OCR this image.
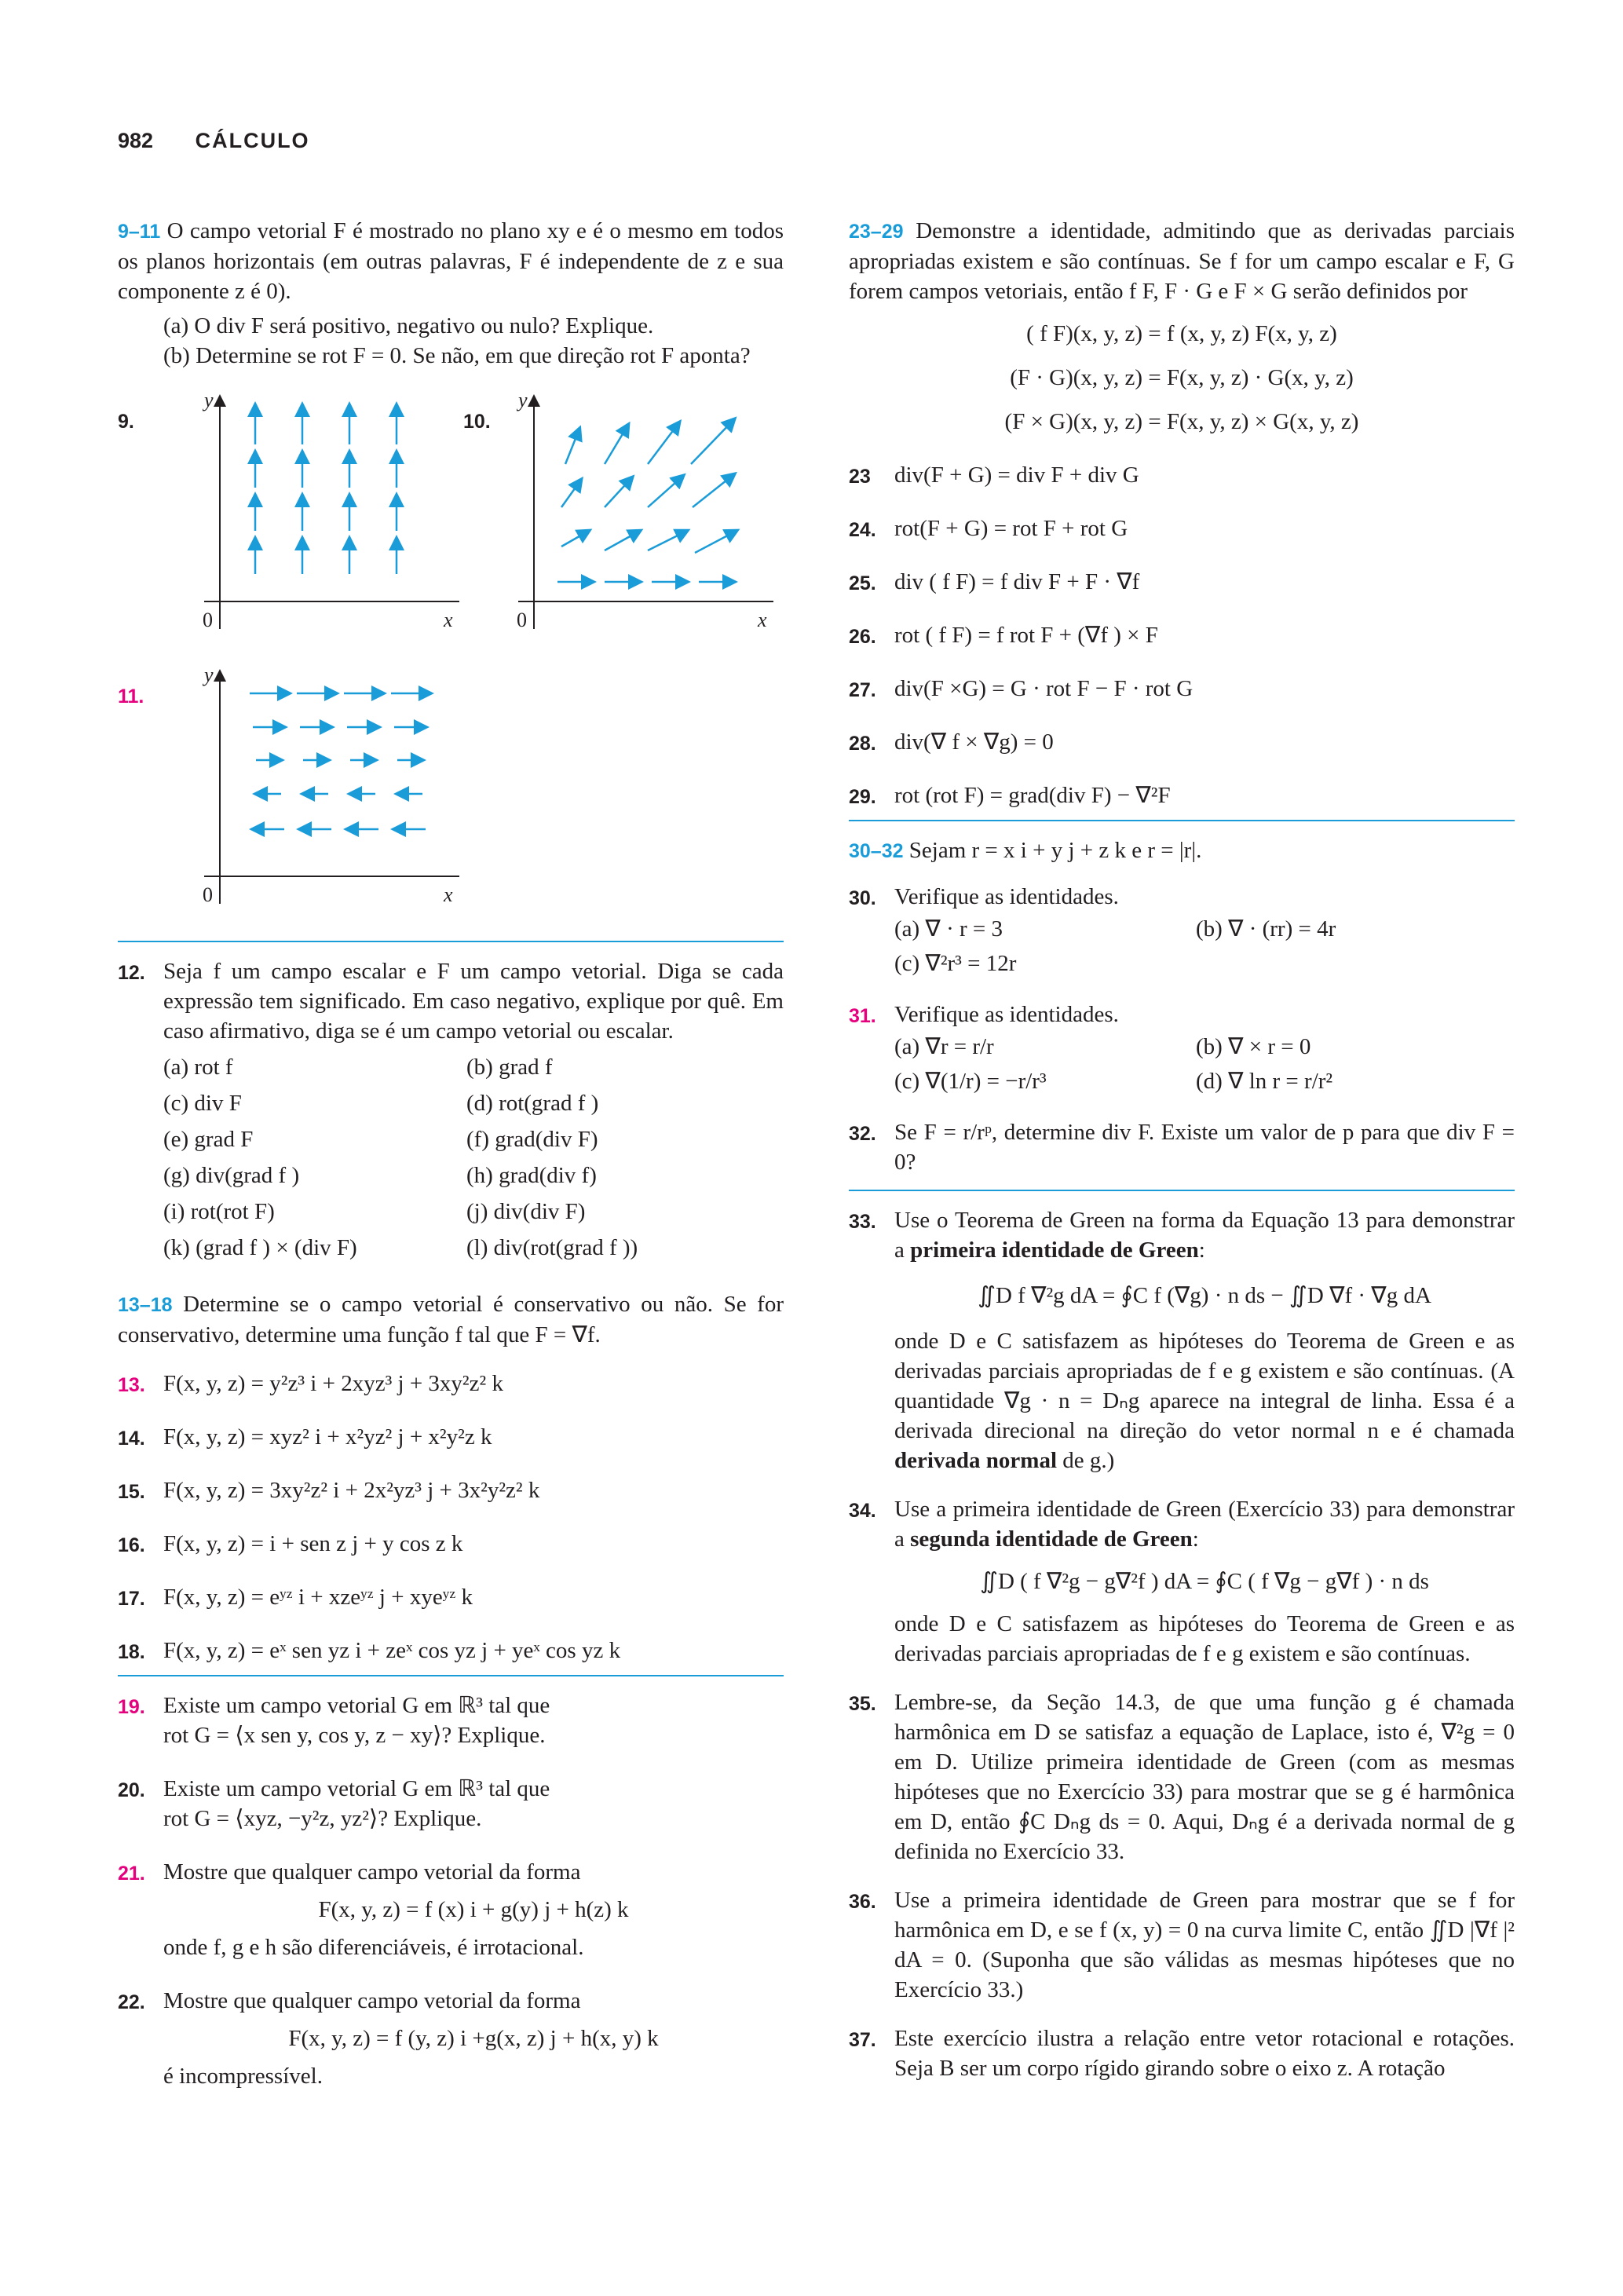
982 CÁLCULO
9–11 O campo vetorial F é mostrado no plano xy e é o mesmo em todos os planos horizontais (em outras palavras, F é independente de z e sua componente z é 0).
(a) O div F será positivo, negativo ou nulo? Explique.
(b) Determine se rot F = 0. Se não, em que direção rot F aponta?
9.
y
x
0
10.
y
x
0
11.
y
x
0
12. Seja f um campo escalar e F um campo vetorial. Diga se cada expressão tem significado. Em caso negativo, explique por quê. Em caso afirmativo, diga se é um campo vetorial ou escalar.
(a) rot f	(b) grad f
(c) div F	(d) rot(grad f )
(e) grad F	(f) grad(div F)
(g) div(grad f )	(h) grad(div f)
(i) rot(rot F)	(j) div(div F)
(k) (grad f ) × (div F)	(l) div(rot(grad f ))
13–18 Determine se o campo vetorial é conservativo ou não. Se for conservativo, determine uma função f tal que F = ∇f.
13. F(x, y, z) = y²z³ i + 2xyz³ j + 3xy²z² k
14. F(x, y, z) = xyz² i + x²yz² j + x²y²z k
15. F(x, y, z) = 3xy²z² i + 2x²yz³ j + 3x²y²z² k
16. F(x, y, z) = i + sen z j + y cos z k
17. F(x, y, z) = eʸᶻ i + xzeʸᶻ j + xyeʸᶻ k
18. F(x, y, z) = eˣ sen yz i + zeˣ cos yz j + yeˣ cos yz k
19. Existe um campo vetorial G em ℝ³ tal que
rot G = ⟨x sen y, cos y, z − xy⟩? Explique.
20. Existe um campo vetorial G em ℝ³ tal que
rot G = ⟨xyz, −y²z, yz²⟩? Explique.
21. Mostre que qualquer campo vetorial da forma
F(x, y, z) = f (x) i + g(y) j + h(z) k
onde f, g e h são diferenciáveis, é irrotacional.
22. Mostre que qualquer campo vetorial da forma
F(x, y, z) = f (y, z) i +g(x, z) j + h(x, y) k
é incompressível.
23–29 Demonstre a identidade, admitindo que as derivadas parciais apropriadas existem e são contínuas. Se f for um campo escalar e F, G forem campos vetoriais, então f F, F · G e F × G serão definidos por
( f F)(x, y, z) = f (x, y, z) F(x, y, z)
(F · G)(x, y, z) = F(x, y, z) · G(x, y, z)
(F × G)(x, y, z) = F(x, y, z) × G(x, y, z)
23	div(F + G) = div F + div G
24. rot(F + G) = rot F + rot G
25. div ( f F) = f div F + F · ∇f
26. rot ( f F) = f rot F + (∇f ) × F
27. div(F ×G) = G · rot F − F · rot G
28. div(∇ f × ∇g) = 0
29. rot (rot F) = grad(div F) − ∇²F
30–32 Sejam r = x i + y j + z k e r = |r|.
30. Verifique as identidades.
(a) ∇ · r = 3	(b) ∇ · (rr) = 4r
(c) ∇²r³ = 12r
31. Verifique as identidades.
(a) ∇r = r/r	(b) ∇ × r = 0
(c) ∇(1/r) = −r/r³	(d) ∇ ln r = r/r²
32. Se F = r/rᵖ, determine div F. Existe um valor de p para que div F = 0?
33. Use o Teorema de Green na forma da Equação 13 para demonstrar a primeira identidade de Green:
∬D f ∇²g dA = ∮C f (∇g) · n ds − ∬D ∇f · ∇g dA
onde D e C satisfazem as hipóteses do Teorema de Green e as derivadas parciais apropriadas de f e g existem e são contínuas. (A quantidade ∇g · n = Dₙg aparece na integral de linha. Essa é a derivada direcional na direção do vetor normal n e é chamada derivada normal de g.)
34. Use a primeira identidade de Green (Exercício 33) para demonstrar a segunda identidade de Green:
∬D ( f ∇²g − g∇²f ) dA = ∮C ( f ∇g − g∇f ) · n ds
onde D e C satisfazem as hipóteses do Teorema de Green e as derivadas parciais apropriadas de f e g existem e são contínuas.
35. Lembre-se, da Seção 14.3, de que uma função g é chamada harmônica em D se satisfaz a equação de Laplace, isto é, ∇²g = 0 em D. Utilize primeira identidade de Green (com as mesmas hipóteses que no Exercício 33) para mostrar que se g é harmônica em D, então ∮C Dₙg ds = 0. Aqui, Dₙg é a derivada normal de g definida no Exercício 33.
36. Use a primeira identidade de Green para mostrar que se f for harmônica em D, e se f (x, y) = 0 na curva limite C, então ∬D |∇f |² dA = 0. (Suponha que são válidas as mesmas hipóteses que no Exercício 33.)
37. Este exercício ilustra a relação entre vetor rotacional e rotações. Seja B ser um corpo rígido girando sobre o eixo z. A rotação
